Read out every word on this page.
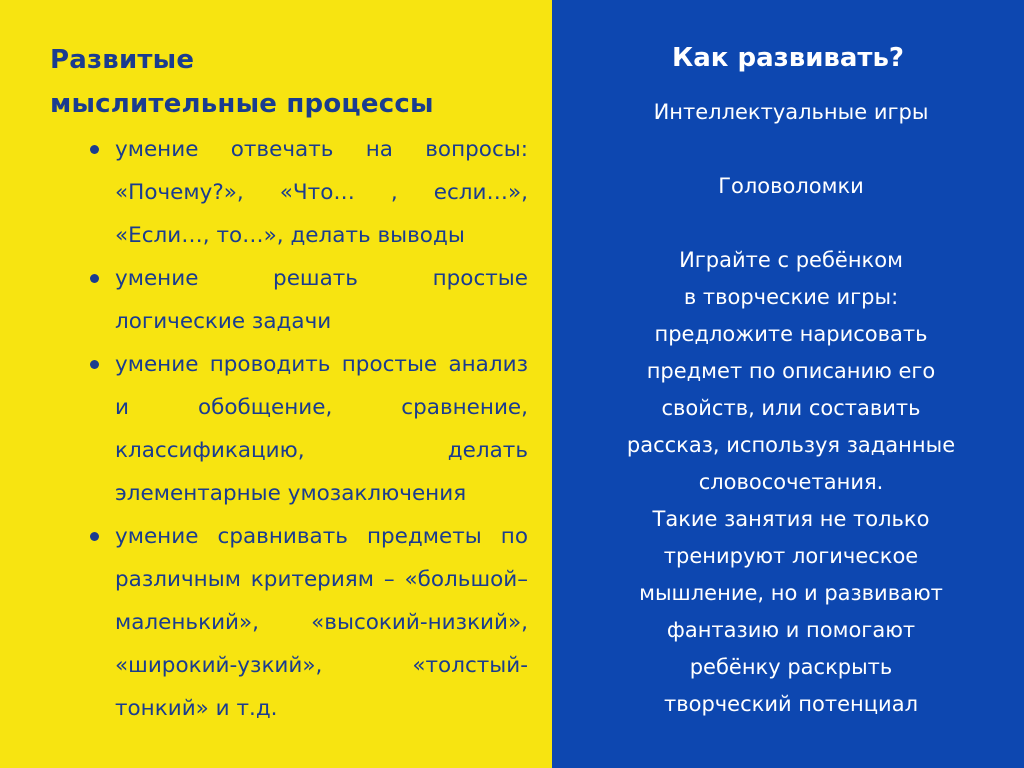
Развитые
мыслительные процессы
умение отвечать на вопросы: «Почему?», «Что… , если…», «Если…, то…», делать выводы
умение решать простые логические задачи
умение проводить простые анализ и обобщение, сравнение, классификацию, делать элементарные умозаключения
умение сравнивать предметы по различным критериям – «большой–маленький», «высокий-низкий», «широкий-узкий», «толстый-тонкий» и т.д.
Как развивать?

Интеллектуальные игры

Головоломки

Играйте с ребёнком
в творческие игры:
предложите нарисовать
предмет по описанию его
свойств, или составить
рассказ, используя заданные
словосочетания.
Такие занятия не только
тренируют логическое
мышление, но и развивают
фантазию и помогают
ребёнку раскрыть
творческий потенциал
